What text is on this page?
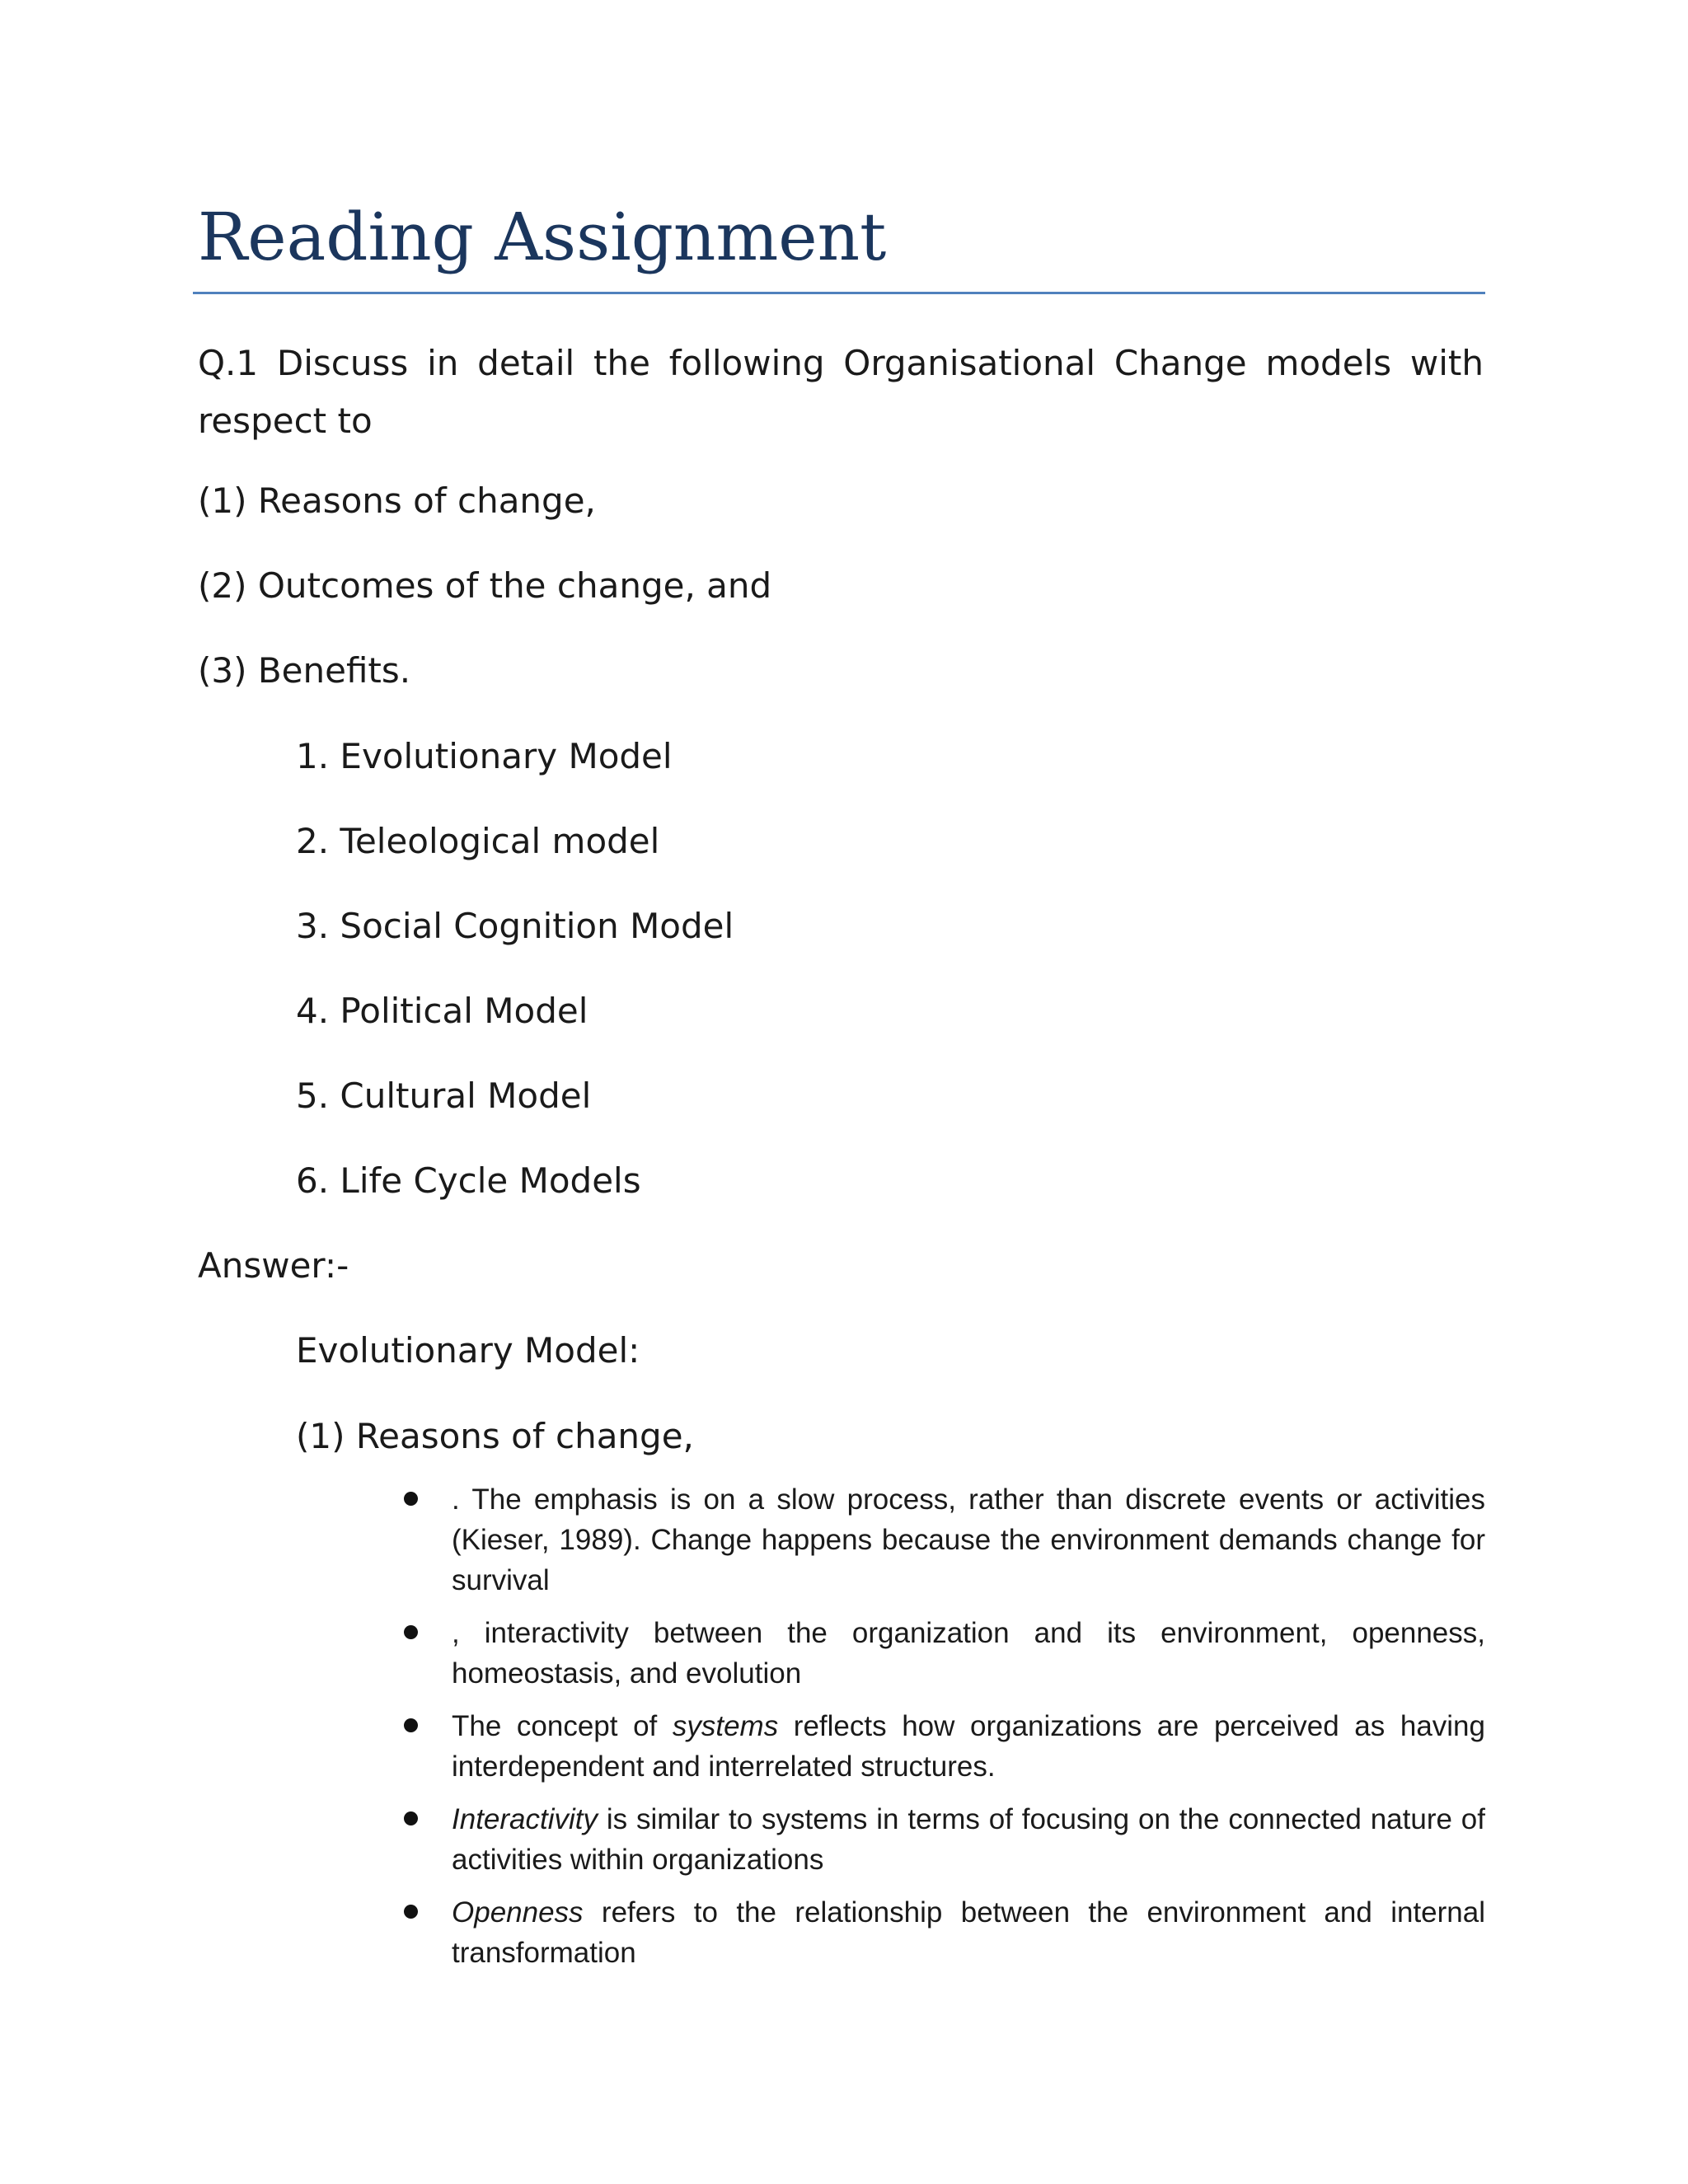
Reading Assignment
Q.1 Discuss in detail the following Organisational Change models with respect to
(1) Reasons of change,
(2) Outcomes of the change, and
(3) Benefits.
1. Evolutionary Model
2. Teleological model
3. Social Cognition Model
4. Political Model
5. Cultural Model
6. Life Cycle Models
Answer:-
Evolutionary Model:
(1) Reasons of change,
. The emphasis is on a slow process, rather than discrete events or activities (Kieser, 1989). Change happens because the environment demands change for survival
, interactivity between the organization and its environment, openness, homeostasis, and evolution
The concept of systems reflects how organizations are perceived as having interdependent and interrelated structures.
Interactivity is similar to systems in terms of focusing on the connected nature of activities within organizations
Openness refers to the relationship between the environment and internal transformation
